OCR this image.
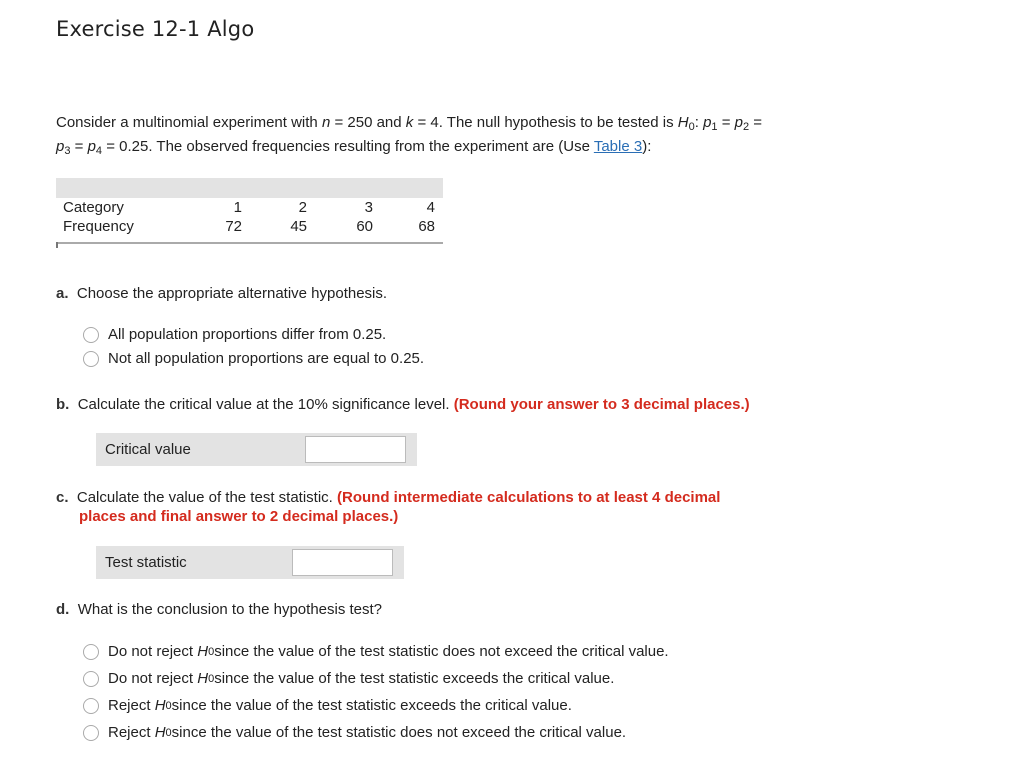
Exercise 12-1 Algo
Consider a multinomial experiment with n = 250 and k = 4. The null hypothesis to be tested is $H_0$: $p_1 = p_2$ =
$p_3 = p_4 = 0.25$. The observed frequencies resulting from the experiment are (Use Table 3):
Category	1	2	3	4
Frequency	72	45	60	68
a. Choose the appropriate alternative hypothesis.
All population proportions differ from 0.25.
Not all population proportions are equal to 0.25.
b. Calculate the critical value at the 10% significance level. (Round your answer to 3 decimal places.)
Critical value
c. Calculate the value of the test statistic. (Round intermediate calculations to at least 4 decimal
places and final answer to 2 decimal places.)
Test statistic
d. What is the conclusion to the hypothesis test?
Do not reject
H 0 since the value of the test statistic does not exceed the critical value.
Do not reject
H 0 since the value of the test statistic exceeds the critical value.
Reject
H 0 since the value of the test statistic exceeds the critical value.
Reject
H 0 since the value of the test statistic does not exceed the critical value.
